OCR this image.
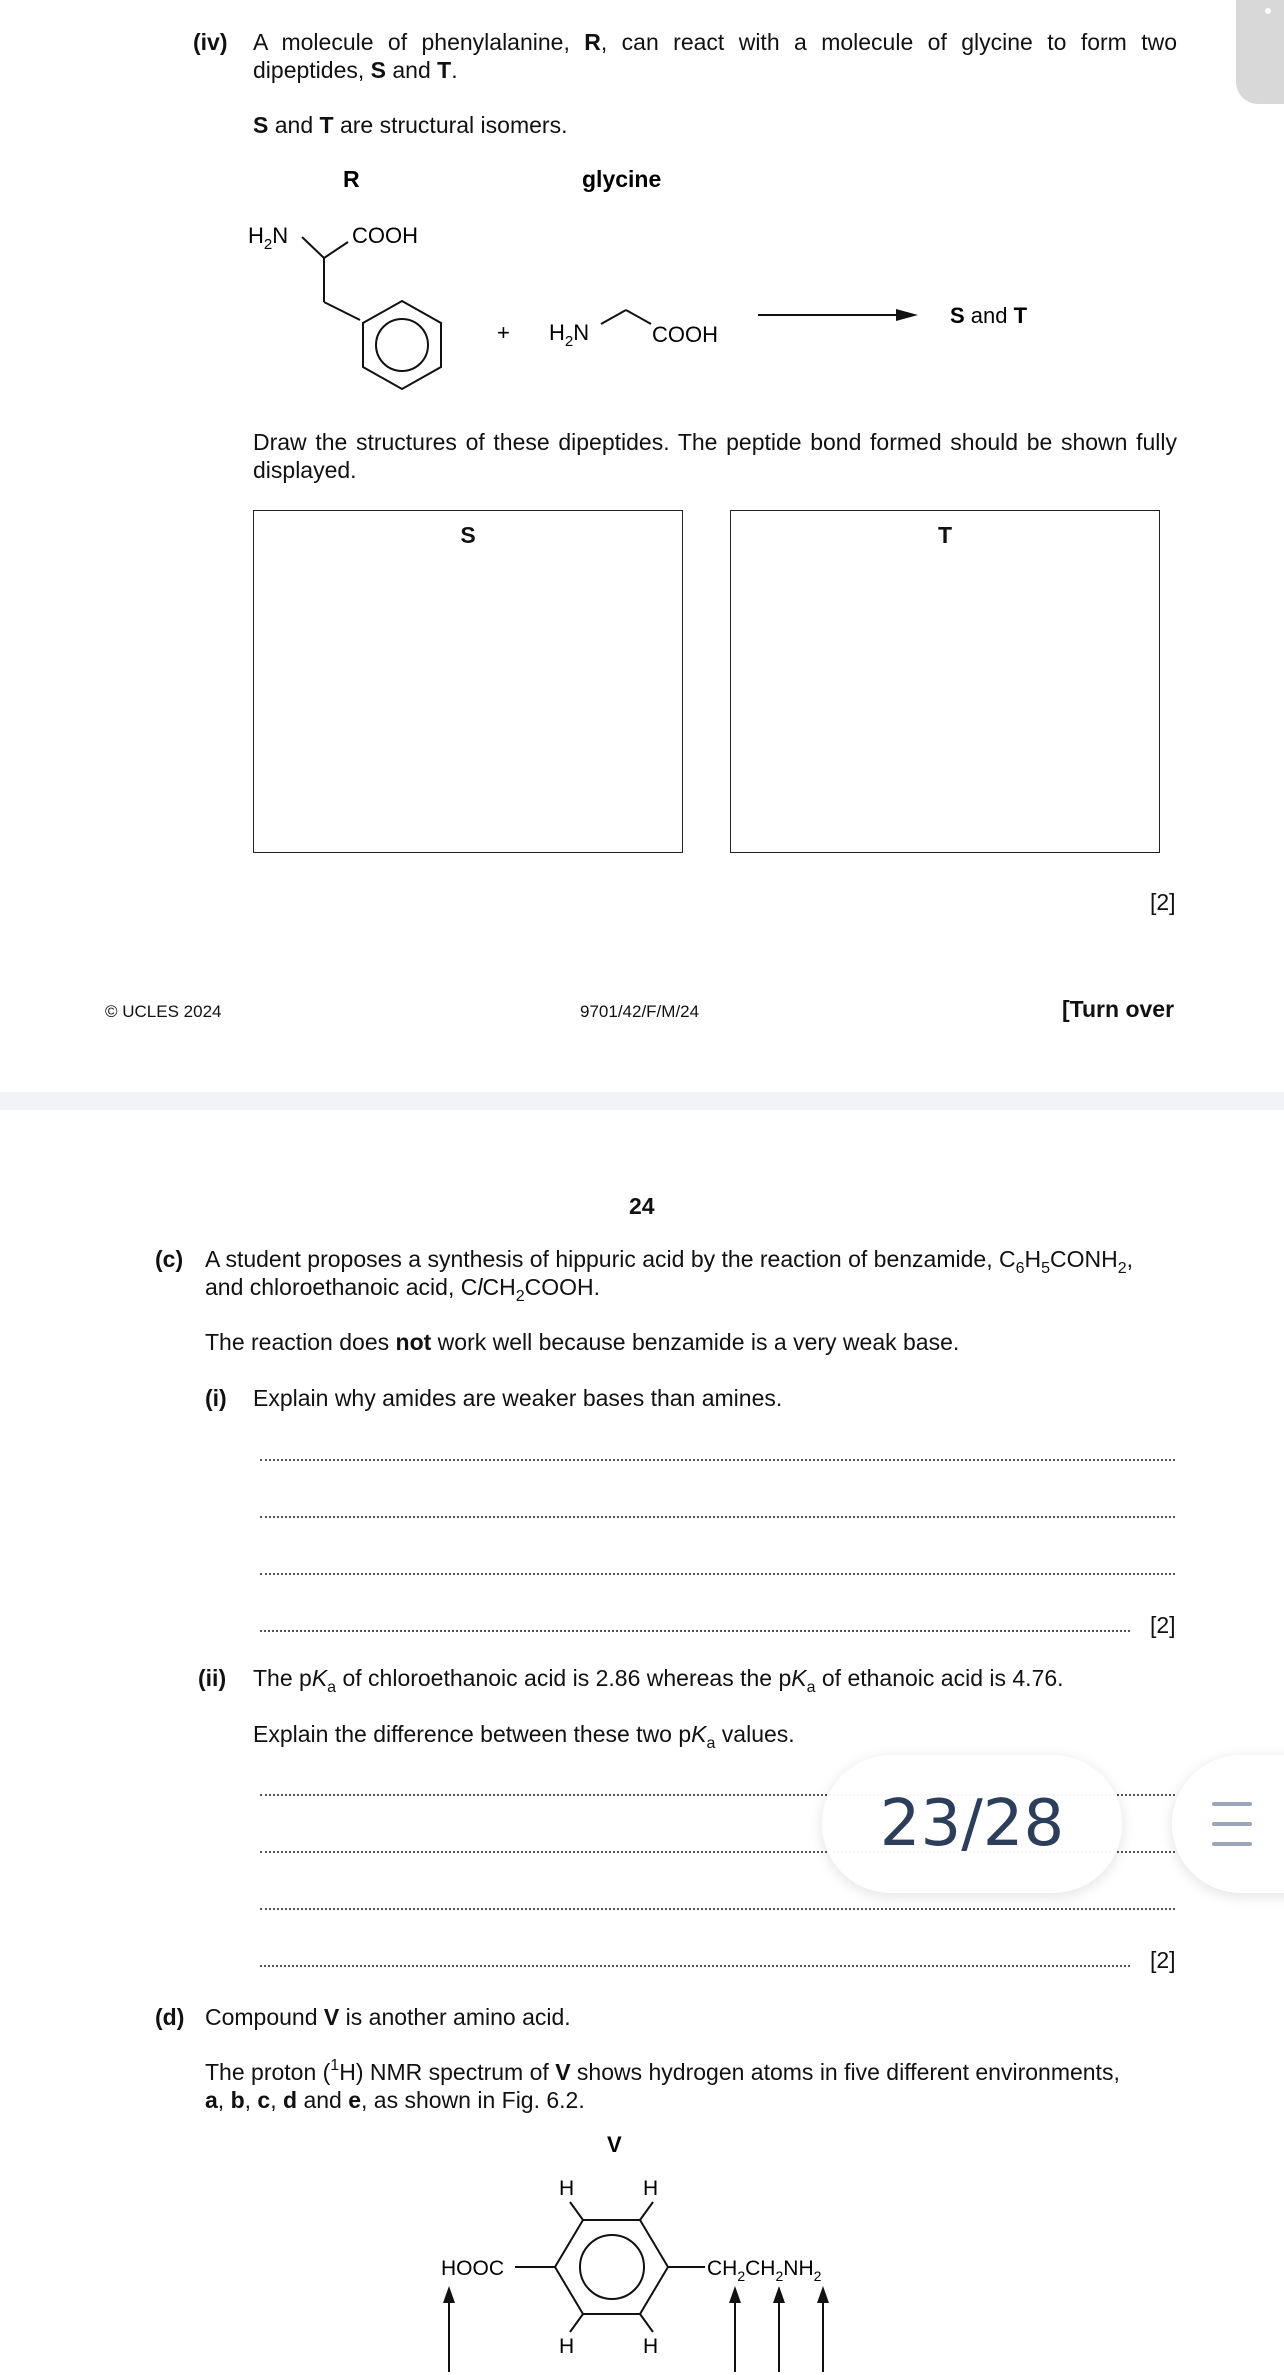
(iv) A molecule of phenylalanine, R, can react with a molecule of glycine to form two
dipeptides, S and T.
S and T are structural isomers.
R	glycine
$H_2N$	COOH
+ $H_2N$	COOH
S and T
Draw the structures of these dipeptides. The peptide bond formed should be shown fully
displayed.
S	T
[2]
© UCLES 2024	9701/42/F/M/24	[Turn over
24
(c) A student proposes a synthesis of hippuric acid by the reaction of benzamide, $C_6H_5CONH_2$,
and chloroethanoic acid, ClCH$_2$COOH.
The reaction does not work well because benzamide is a very weak base.
(i) Explain why amides are weaker bases than amines.
[2]
(ii) The $pK_a$ of chloroethanoic acid is 2.86 whereas the $pK_a$ of ethanoic acid is 4.76.
Explain the difference between these two $pK_a$ values.
[2]
(d) Compound V is another amino acid.
The proton ($^1$H) NMR spectrum of V shows hydrogen atoms in five different environments,
a, b, c, d and e, as shown in Fig. 6.2.
V
H	H
HOOC	$CH_2CH_2NH_2$
H	H
23/28
